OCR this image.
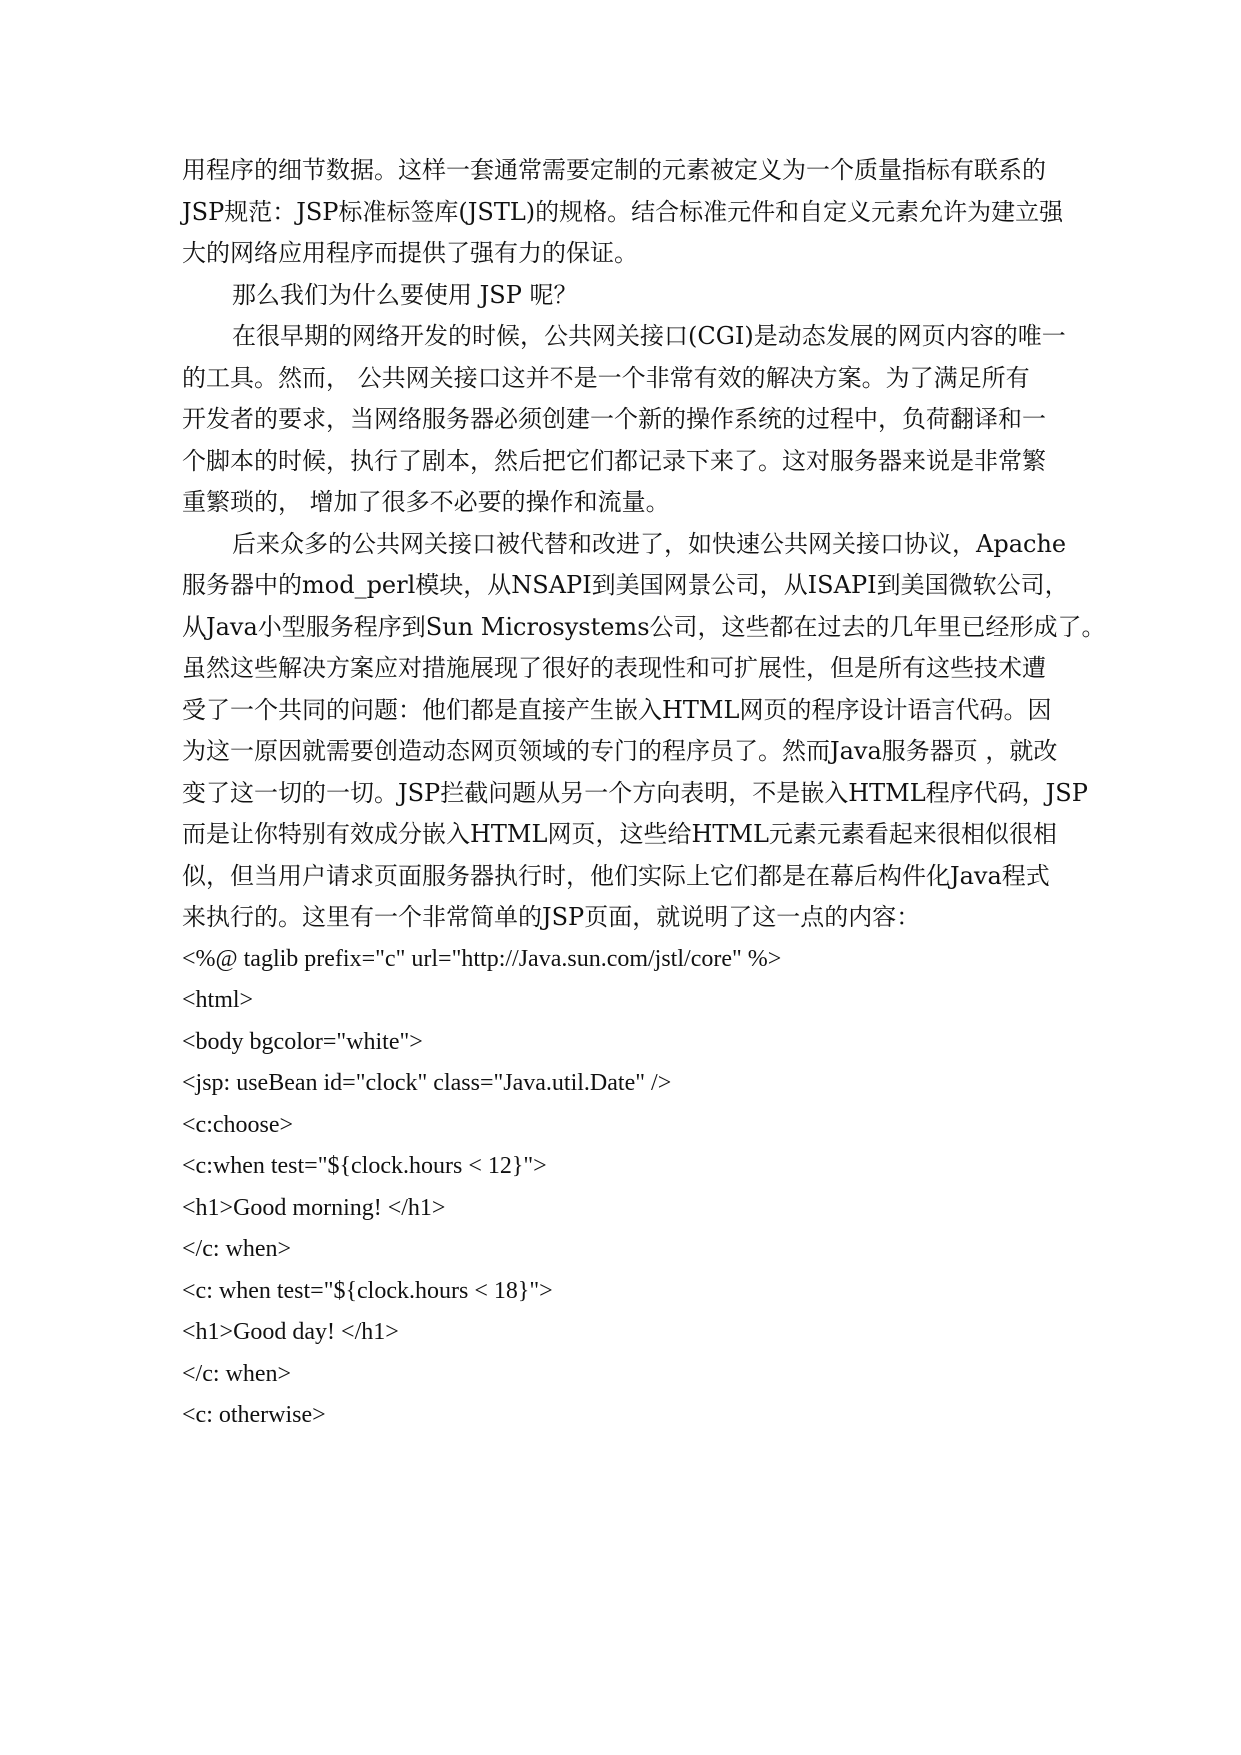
用程序的细节数据。这样一套通常需要定制的元素被定义为一个质量指标有联系的
JSP规范：JSP标准标签库(JSTL)的规格。结合标准元件和自定义元素允许为建立强
大的网络应用程序而提供了强有力的保证。
那么我们为什么要使用 JSP 呢？
在很早期的网络开发的时候，公共网关接口(CGI)是动态发展的网页内容的唯一
的工具。然而， 公共网关接口这并不是一个非常有效的解决方案。为了满足所有
开发者的要求，当网络服务器必须创建一个新的操作系统的过程中，负荷翻译和一
个脚本的时候，执行了剧本，然后把它们都记录下来了。这对服务器来说是非常繁
重繁琐的， 增加了很多不必要的操作和流量。
后来众多的公共网关接口被代替和改进了，如快速公共网关接口协议，Apache
服务器中的mod_perl模块，从NSAPI到美国网景公司，从ISAPI到美国微软公司，
从Java小型服务程序到Sun Microsystems公司，这些都在过去的几年里已经形成了。
虽然这些解决方案应对措施展现了很好的表现性和可扩展性，但是所有这些技术遭
受了一个共同的问题：他们都是直接产生嵌入HTML网页的程序设计语言代码。因
为这一原因就需要创造动态网页领域的专门的程序员了。然而Java服务器页 ，就改
变了这一切的一切。JSP拦截问题从另一个方向表明，不是嵌入HTML程序代码，JSP
而是让你特别有效成分嵌入HTML网页，这些给HTML元素元素看起来很相似很相
似，但当用户请求页面服务器执行时，他们实际上它们都是在幕后构件化Java程式
来执行的。这里有一个非常简单的JSP页面，就说明了这一点的内容：
<%@ taglib prefix="c" url="http://Java.sun.com/jstl/core" %>
<html>
<body bgcolor="white">
<jsp: useBean id="clock" class="Java.util.Date" />
<c:choose>
<c:when test="${clock.hours < 12}">
<h1>Good morning! </h1>
</c: when>
<c: when test="${clock.hours < 18}">
<h1>Good day! </h1>
</c: when>
<c: otherwise>
